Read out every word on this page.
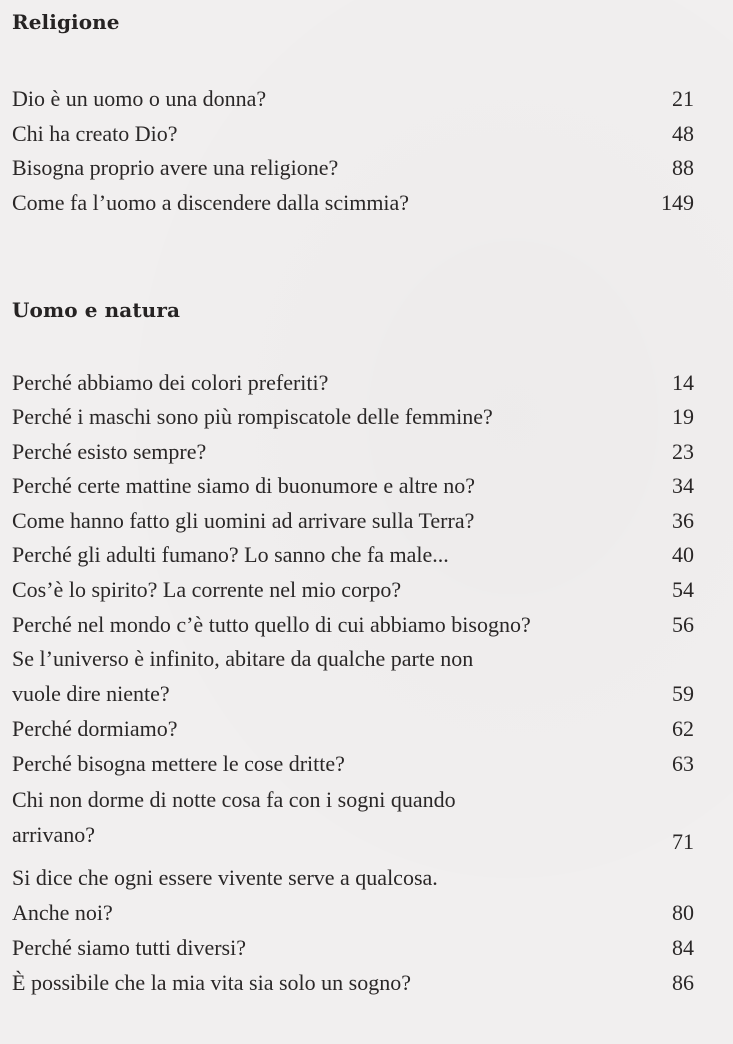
Religione
Dio è un uomo o una donna?	21
Chi ha creato Dio?	48
Bisogna proprio avere una religione?	88
Come fa l’uomo a discendere dalla scimmia?	149
Uomo e natura
Perché abbiamo dei colori preferiti?	14
Perché i maschi sono più rompiscatole delle femmine?	19
Perché esisto sempre?	23
Perché certe mattine siamo di buonumore e altre no?	34
Come hanno fatto gli uomini ad arrivare sulla Terra?	36
Perché gli adulti fumano? Lo sanno che fa male...	40
Cos’è lo spirito? La corrente nel mio corpo?	54
Perché nel mondo c’è tutto quello di cui abbiamo bisogno?	56
Se l’universo è infinito, abitare da qualche parte non
vuole dire niente?	59
Perché dormiamo?	62
Perché bisogna mettere le cose dritte?	63
Chi non dorme di notte cosa fa con i sogni quando
arrivano?	71
Si dice che ogni essere vivente serve a qualcosa.
Anche noi?	80
Perché siamo tutti diversi?	84
È possibile che la mia vita sia solo un sogno?	86
